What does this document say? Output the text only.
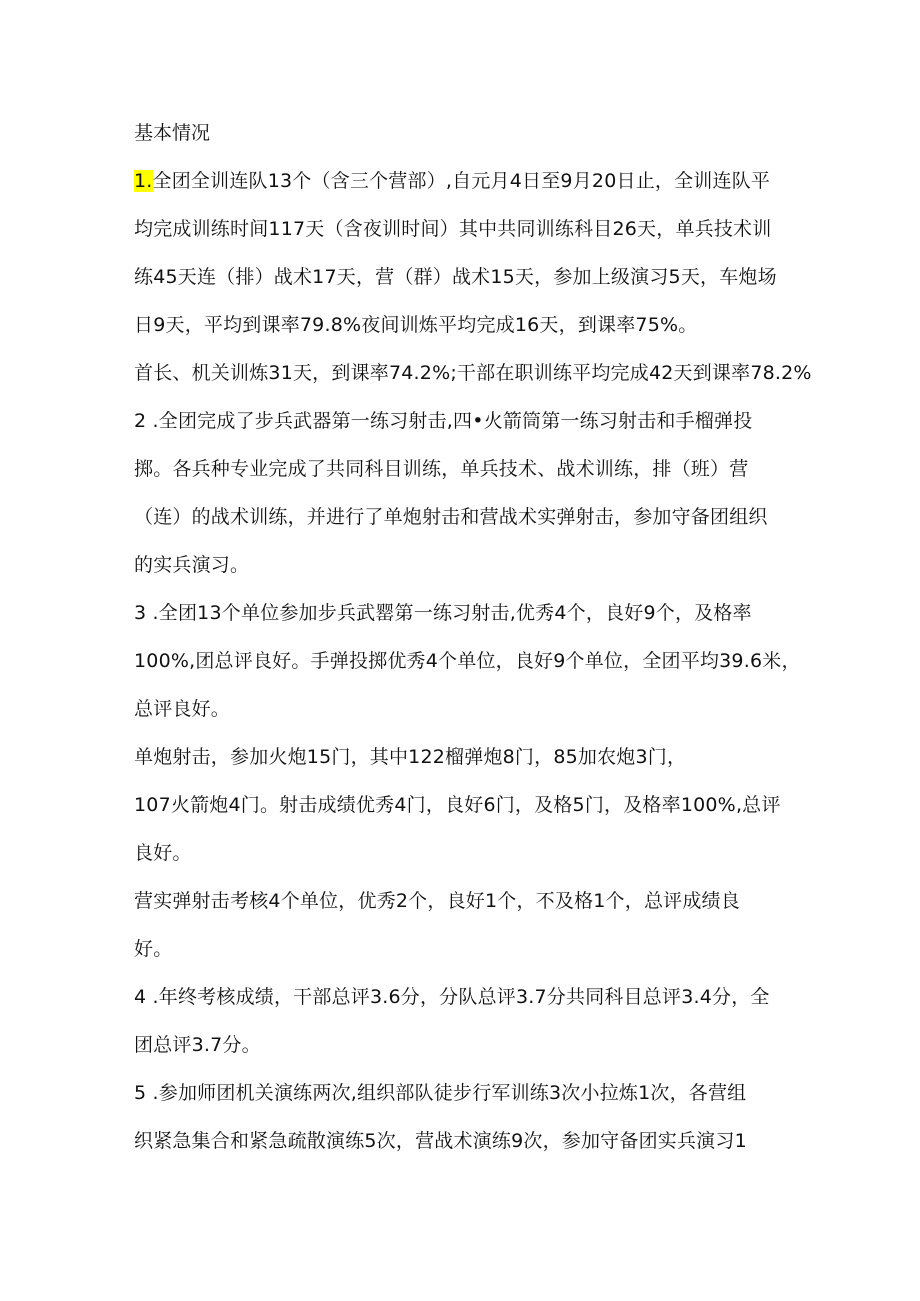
基本情况
1.全团全训连队13个（含三个营部）,自元月4日至9月20日止，全训连队平
均完成训练时间117天（含夜训时间）其中共同训练科目26天，单兵技术训
练45天连（排）战术17天，营（群）战术15天，参加上级演习5天，车炮场
日9天，平均到课率79.8%夜间训炼平均完成16天，到课率75%。
首长、机关训炼31天，到课率74.2%;干部在职训练平均完成42天到课率78.2%
2 .全团完成了步兵武器第一练习射击,四•火箭筒第一练习射击和手榴弹投
掷。各兵种专业完成了共同科目训练，单兵技术、战术训练，排（班）营
（连）的战术训练，并进行了单炮射击和营战术实弹射击，参加守备团组织
的实兵演习。
3 .全团13个单位参加步兵武罂第一练习射击,优秀4个，良好9个，及格率
100%,团总评良好。手弹投掷优秀4个单位，良好9个单位，全团平均39.6米，
总评良好。
单炮射击，参加火炮15门，其中122榴弹炮8门，85加农炮3门，
107火箭炮4门。射击成绩优秀4门，良好6门，及格5门，及格率100%,总评
良好。
营实弹射击考核4个单位，优秀2个，良好1个，不及格1个，总评成绩良
好。
4 .年终考核成绩，干部总评3.6分，分队总评3.7分共同科目总评3.4分，全
团总评3.7分。
5 .参加师团机关演练两次,组织部队徒步行军训练3次小拉炼1次，各营组
织紧急集合和紧急疏散演练5次，营战术演练9次，参加守备团实兵演习1
